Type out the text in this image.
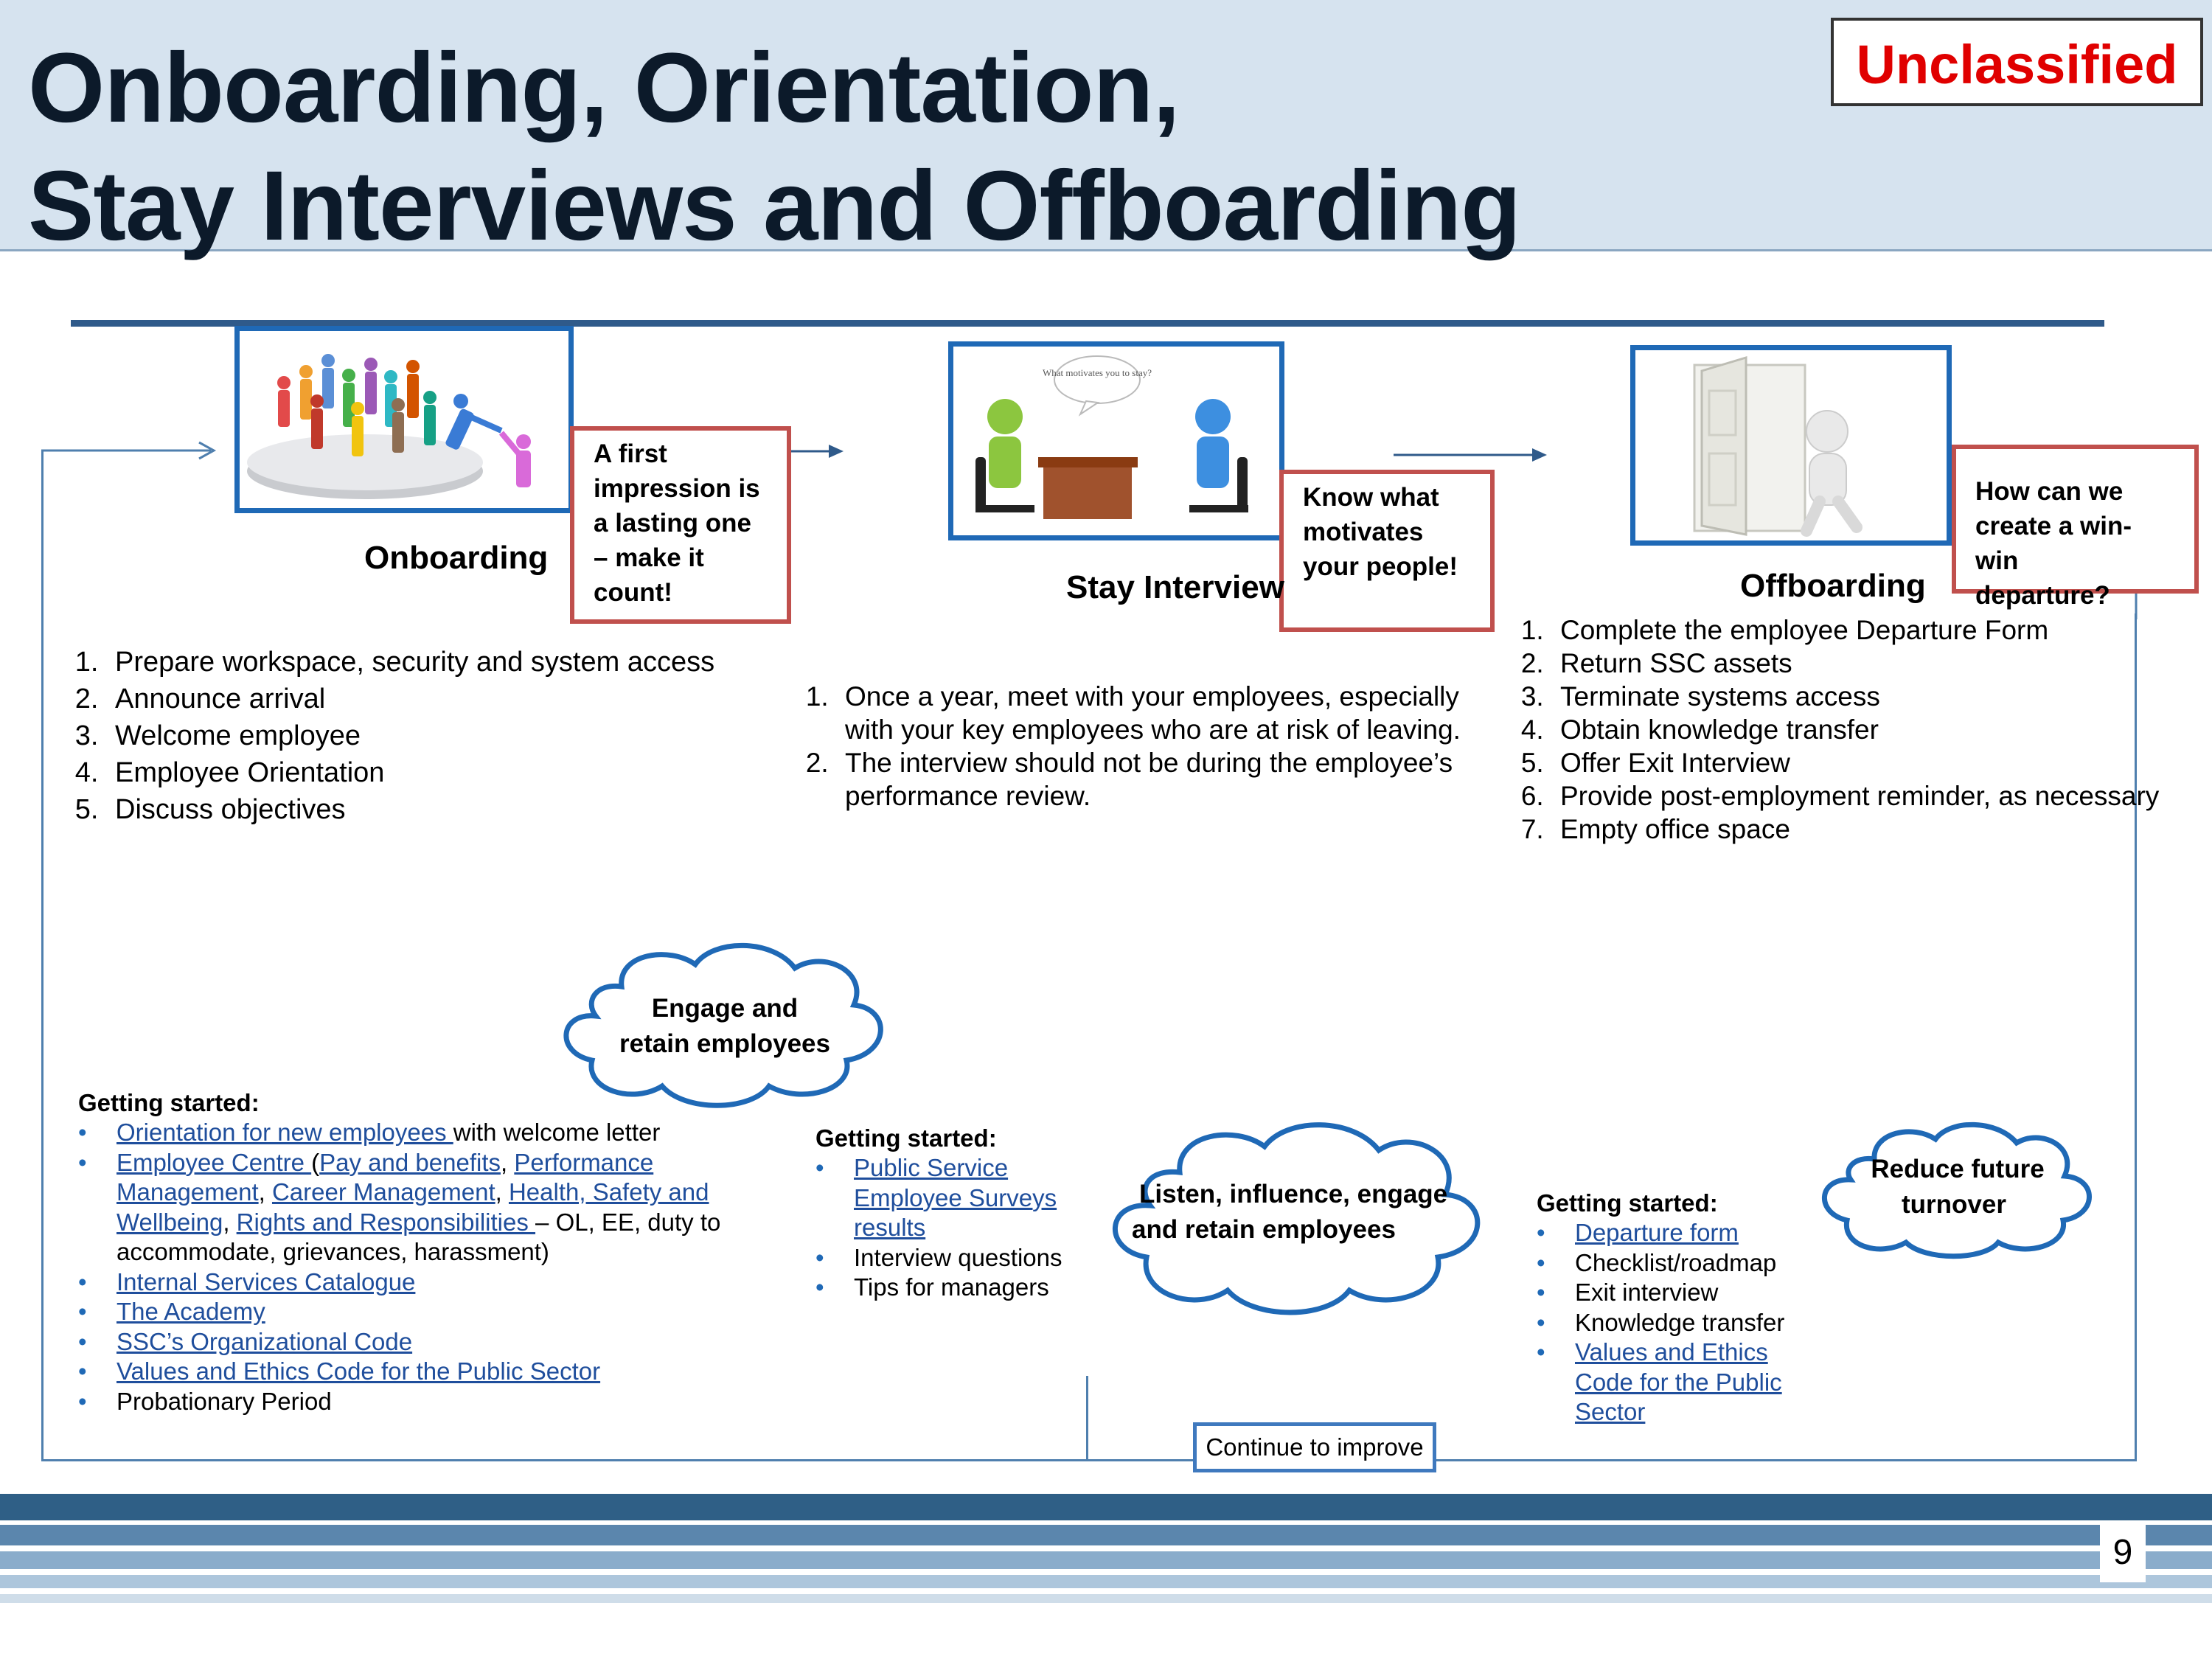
Onboarding, Orientation,
Stay Interviews and Offboarding
Unclassified
A first
impression is
a lasting one
– make it
count!
Onboarding
1. Prepare workspace, security and system access
2. Announce arrival
3. Welcome employee
4. Employee Orientation
5. Discuss objectives
What motivates you to stay?
Know what
motivates
your people!
Stay Interview
1. Once a year, meet with your employees, especially with your key employees who are at risk of leaving.
2. The interview should not be during the employee’s performance review.
How can we
create a win- win
departure?
Offboarding
1. Complete the employee Departure Form
2. Return SSC assets
3. Terminate systems access
4. Obtain knowledge transfer
5. Offer Exit Interview
6. Provide post-employment reminder, as necessary
7. Empty office space
Engage and
retain employees
Listen, influence, engage
and retain employees
Reduce future
turnover
Getting started:
• Orientation for new employees with welcome letter
• Employee Centre (Pay and benefits, Performance Management, Career Management, Health, Safety and Wellbeing, Rights and Responsibilities – OL, EE, duty to accommodate, grievances, harassment)
• Internal Services Catalogue
• The Academy
• SSC’s Organizational Code
• Values and Ethics Code for the Public Sector
• Probationary Period
Getting started:
• Public Service Employee Surveys results
• Interview questions
• Tips for managers
Getting started:
• Departure form
• Checklist/roadmap
• Exit interview
• Knowledge transfer
• Values and Ethics Code for the Public Sector
Continue to improve
9
